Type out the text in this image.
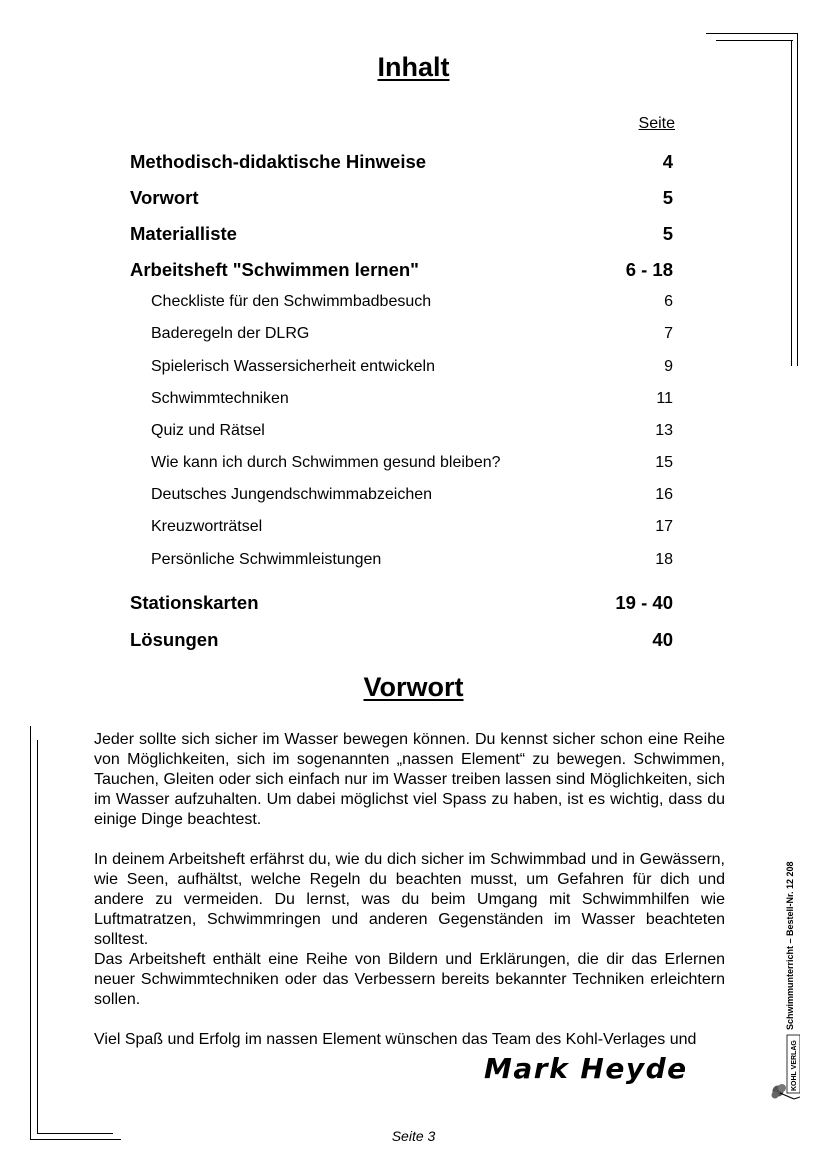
Inhalt
Seite
Methodisch-didaktische Hinweise	4
Vorwort	5
Materialliste	5
Arbeitsheft "Schwimmen lernen"	6 - 18
Checkliste für den Schwimmbadbesuch	6
Baderegeln der DLRG	7
Spielerisch Wassersicherheit entwickeln	9
Schwimmtechniken	11
Quiz und Rätsel	13
Wie kann ich durch Schwimmen gesund bleiben?	15
Deutsches Jungendschwimmabzeichen	16
Kreuzworträtsel	17
Persönliche Schwimmleistungen	18
Stationskarten	19 - 40
Lösungen	40
Vorwort

Jeder sollte sich sicher im Wasser bewegen können. Du kennst sicher schon eine Reihe von Möglichkeiten, sich im sogenannten „nassen Element“ zu bewegen. Schwimmen, Tauchen, Gleiten oder sich einfach nur im Wasser treiben lassen sind Möglichkeiten, sich im Wasser aufzuhalten. Um dabei möglichst viel Spass zu haben, ist es wichtig, dass du einige Dinge beachtest.

In deinem Arbeitsheft erfährst du, wie du dich sicher im Schwimmbad und in Gewässern, wie Seen, aufhältst, welche Regeln du beachten musst, um Gefahren für dich und andere zu vermeiden. Du lernst, was du beim Umgang mit Schwimmhilfen wie Luftmatratzen, Schwimmringen und anderen Gegenständen im Wasser beachteten solltest.

Das Arbeitsheft enthält eine Reihe von Bildern und Erklärungen, die dir das Erlernen neuer Schwimmtechniken oder das Verbessern bereits bekannter Techniken erleichtern sollen.

Viel Spaß und Erfolg im nassen Element wünschen das Team des Kohl-Verlages und

Mark Heyde
Schwimmunterricht – Bestell-Nr. 12 208
KOHL VERLAG
Seite 3
